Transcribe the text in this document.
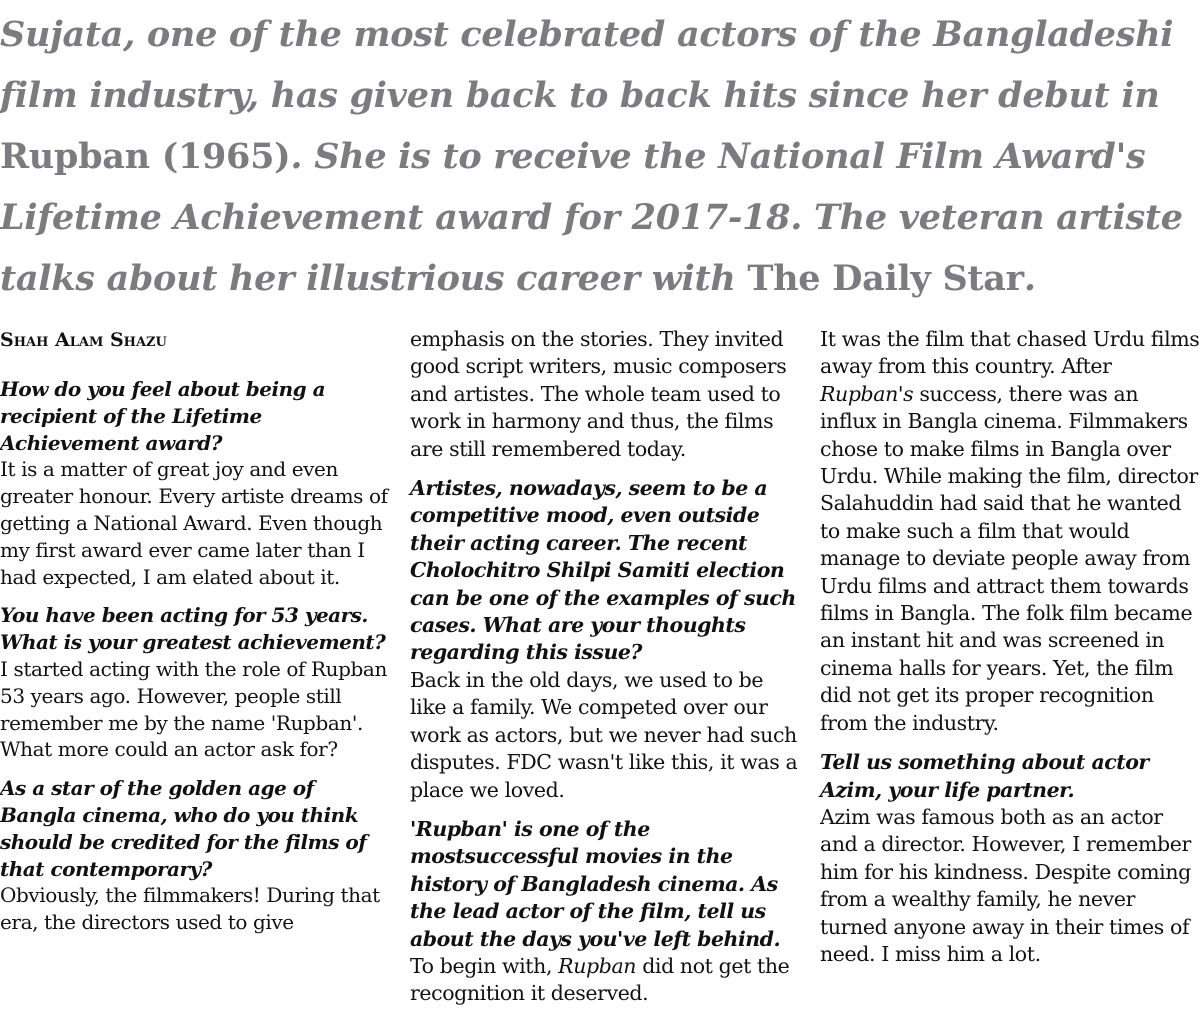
Sujata, one of the most celebrated actors of the Bangladeshi
film industry, has given back to back hits since her debut in
Rupban (1965). She is to receive the National Film Award's
Lifetime Achievement award for 2017-18. The veteran artiste
talks about her illustrious career with The Daily Star.
Shah Alam Shazu
How do you feel about being a recipient of the Lifetime Achievement award?
It is a matter of great joy and even greater honour. Every artiste dreams of getting a National Award. Even though my first award ever came later than I had expected, I am elated about it.
You have been acting for 53 years. What is your greatest achievement?
I started acting with the role of Rupban 53 years ago. However, people still remember me by the name 'Rupban'. What more could an actor ask for?
As a star of the golden age of Bangla cinema, who do you think should be credited for the films of that contemporary?
Obviously, the filmmakers! During that era, the directors used to give
emphasis on the stories. They invited good script writers, music composers and artistes. The whole team used to work in harmony and thus, the films are still remembered today.
Artistes, nowadays, seem to be a competitive mood, even outside their acting career. The recent Cholochitro Shilpi Samiti election can be one of the examples of such cases. What are your thoughts regarding this issue?
Back in the old days, we used to be like a family. We competed over our work as actors, but we never had such disputes. FDC wasn't like this, it was a place we loved.
'Rupban' is one of the mostsuccessful movies in the history of Bangladesh cinema. As the lead actor of the film, tell us about the days you've left behind.
To begin with, Rupban did not get the recognition it deserved.
It was the film that chased Urdu films away from this country. After Rupban's success, there was an influx in Bangla cinema. Filmmakers chose to make films in Bangla over Urdu. While making the film, director Salahuddin had said that he wanted to make such a film that would manage to deviate people away from Urdu films and attract them towards films in Bangla. The folk film became an instant hit and was screened in cinema halls for years. Yet, the film did not get its proper recognition from the industry.
Tell us something about actor Azim, your life partner.
Azim was famous both as an actor and a director. However, I remember him for his kindness. Despite coming from a wealthy family, he never turned anyone away in their times of need. I miss him a lot.
